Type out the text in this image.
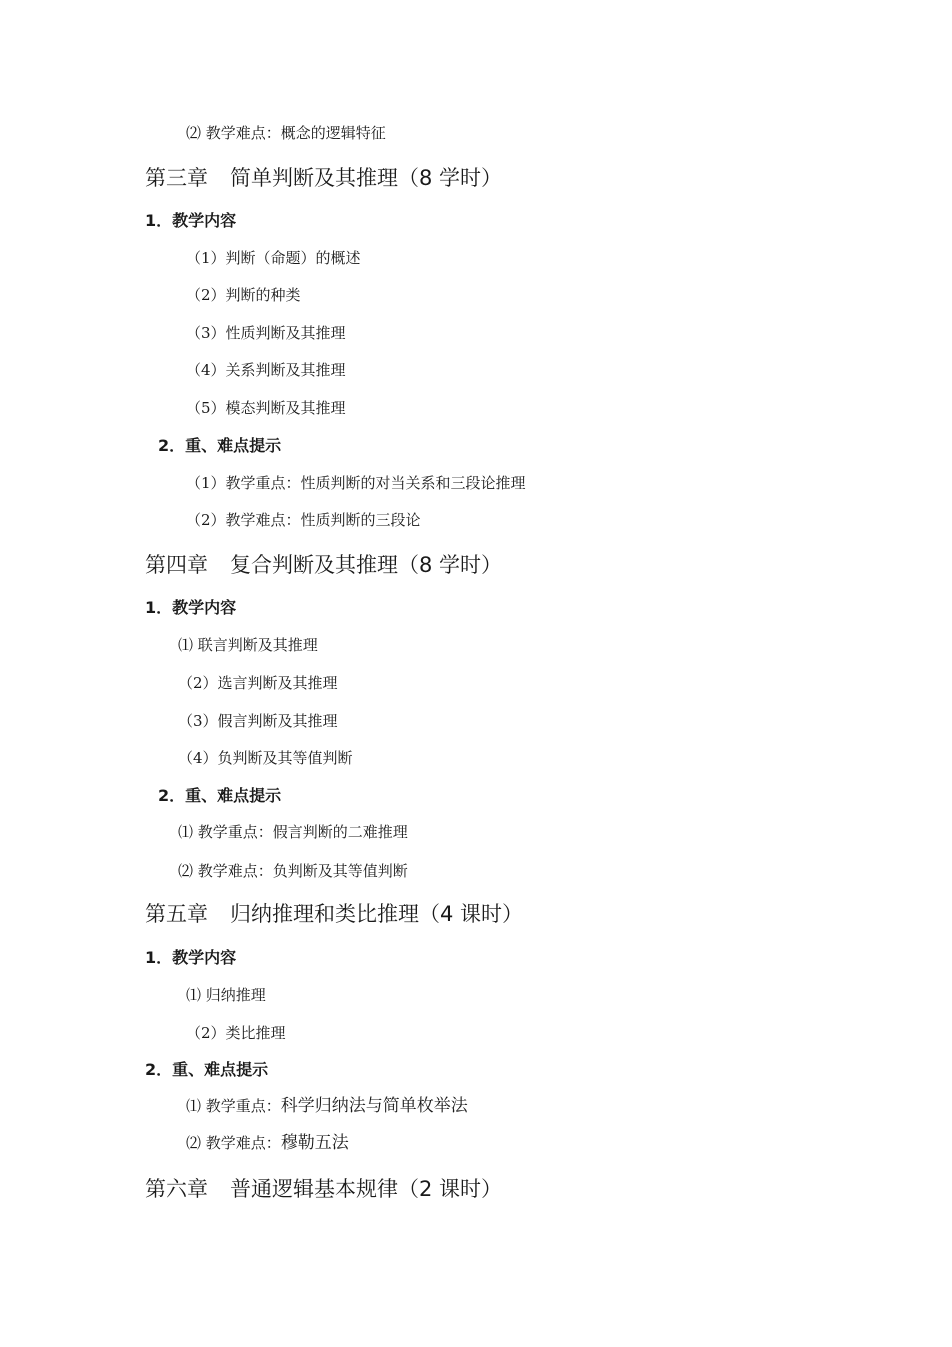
⑵ 教学难点：概念的逻辑特征
第三章 简单判断及其推理（8 学时）
1．教学内容
（1）判断（命题）的概述
（2）判断的种类
（3）性质判断及其推理
（4）关系判断及其推理
（5）模态判断及其推理
2．重、难点提示
（1）教学重点：性质判断的对当关系和三段论推理
（2）教学难点：性质判断的三段论
第四章 复合判断及其推理（8 学时）
1．教学内容
⑴ 联言判断及其推理
（2）选言判断及其推理
（3）假言判断及其推理
（4）负判断及其等值判断
2．重、难点提示
⑴ 教学重点：假言判断的二难推理
⑵ 教学难点：负判断及其等值判断
第五章 归纳推理和类比推理（4 课时）
1．教学内容
⑴ 归纳推理
（2）类比推理
2．重、难点提示
⑴ 教学重点：科学归纳法与简单枚举法
⑵ 教学难点：穆勒五法
第六章 普通逻辑基本规律（2 课时）
